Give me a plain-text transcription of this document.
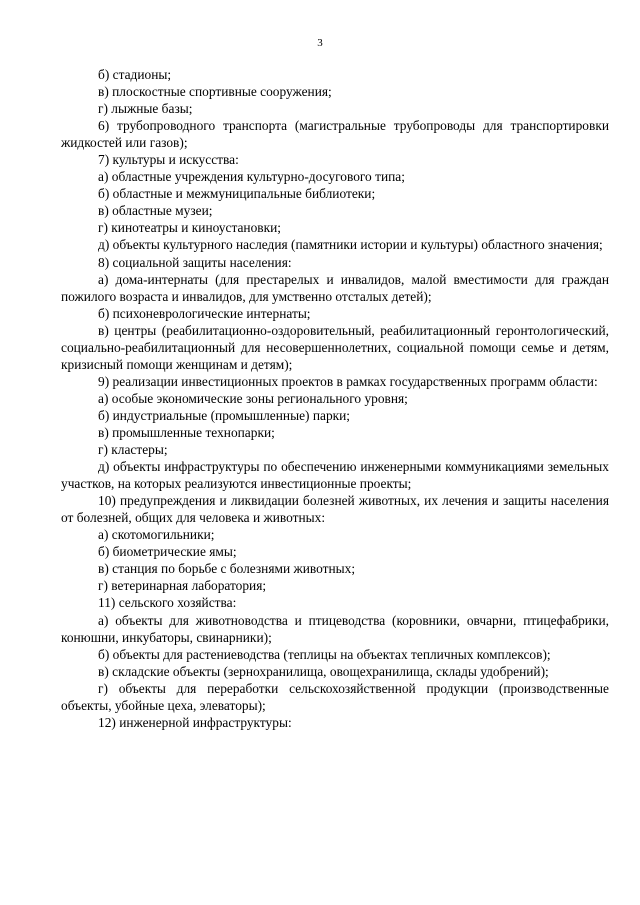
3

б) стадионы;

в) плоскостные спортивные сооружения;

г) лыжные базы;

6) трубопроводного транспорта (магистральные трубопроводы для транспортировки жидкостей или газов);

7) культуры и искусства:

а) областные учреждения культурно-досугового типа;

б) областные и межмуниципальные библиотеки;

в) областные музеи;

г) кинотеатры и киноустановки;

д) объекты культурного наследия (памятники истории и культуры) областного значения;

8) социальной защиты населения:

а) дома-интернаты (для престарелых и инвалидов, малой вместимости для граждан пожилого возраста и инвалидов, для умственно отсталых детей);

б) психоневрологические интернаты;

в) центры (реабилитационно-оздоровительный, реабилитационный геронтологический, социально-реабилитационный для несовершеннолетних, социальной помощи семье и детям, кризисный помощи женщинам и детям);

9) реализации инвестиционных проектов в рамках государственных программ области:

а) особые экономические зоны регионального уровня;

б) индустриальные (промышленные) парки;

в) промышленные технопарки;

г) кластеры;

д) объекты инфраструктуры по обеспечению инженерными коммуникациями земельных участков, на которых реализуются инвестиционные проекты;

10) предупреждения и ликвидации болезней животных, их лечения и защиты населения от болезней, общих для человека и животных:

а) скотомогильники;

б) биометрические ямы;

в) станция по борьбе с болезнями животных;

г) ветеринарная лаборатория;

11) сельского хозяйства:

а) объекты для животноводства и птицеводства (коровники, овчарни, птицефабрики, конюшни, инкубаторы, свинарники);

б) объекты для растениеводства (теплицы на объектах тепличных комплексов);

в) складские объекты (зернохранилища, овощехранилища, склады удобрений);

г) объекты для переработки сельскохозяйственной продукции (производственные объекты, убойные цеха, элеваторы);

12) инженерной инфраструктуры:
